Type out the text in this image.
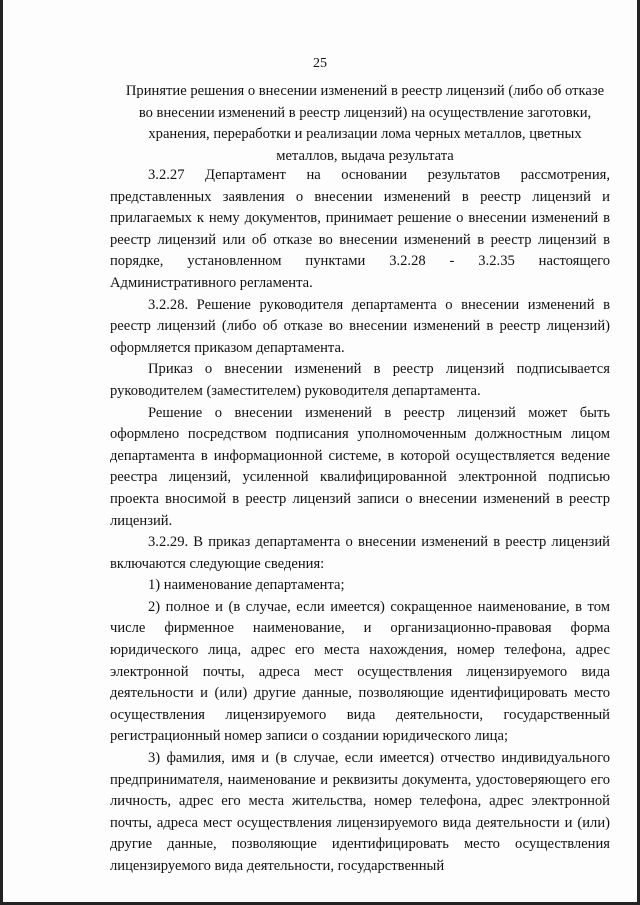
25
Принятие решения о внесении изменений в реестр лицензий (либо об отказе во внесении изменений в реестр лицензий) на осуществление заготовки, хранения, переработки и реализации лома черных металлов, цветных металлов, выдача результата

3.2.27 Департамент на основании результатов рассмотрения, представленных заявления о внесении изменений в реестр лицензий и прилагаемых к нему документов, принимает решение о внесении изменений в реестр лицензий или об отказе во внесении изменений в реестр лицензий в порядке, установленном пунктами 3.2.28 - 3.2.35 настоящего Административного регламента.

3.2.28. Решение руководителя департамента о внесении изменений в реестр лицензий (либо об отказе во внесении изменений в реестр лицензий) оформляется приказом департамента.

Приказ о внесении изменений в реестр лицензий подписывается руководителем (заместителем) руководителя департамента.

Решение о внесении изменений в реестр лицензий может быть оформлено посредством подписания уполномоченным должностным лицом департамента в информационной системе, в которой осуществляется ведение реестра лицензий, усиленной квалифицированной электронной подписью проекта вносимой в реестр лицензий записи о внесении изменений в реестр лицензий.

3.2.29. В приказ департамента о внесении изменений в реестр лицензий включаются следующие сведения:

1) наименование департамента;

2) полное и (в случае, если имеется) сокращенное наименование, в том числе фирменное наименование, и организационно-правовая форма юридического лица, адрес его места нахождения, номер телефона, адрес электронной почты, адреса мест осуществления лицензируемого вида деятельности и (или) другие данные, позволяющие идентифицировать место осуществления лицензируемого вида деятельности, государственный регистрационный номер записи о создании юридического лица;

3) фамилия, имя и (в случае, если имеется) отчество индивидуального предпринимателя, наименование и реквизиты документа, удостоверяющего его личность, адрес его места жительства, номер телефона, адрес электронной почты, адреса мест осуществления лицензируемого вида деятельности и (или) другие данные, позволяющие идентифицировать место осуществления лицензируемого вида деятельности, государственный
